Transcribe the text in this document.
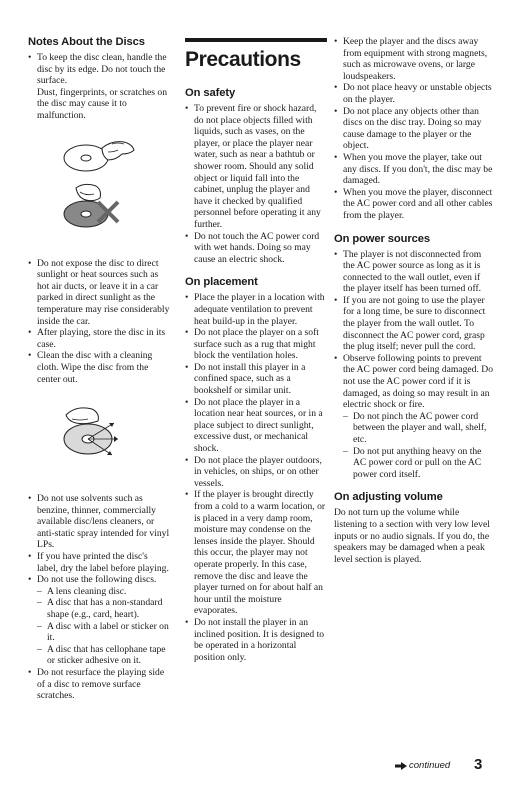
Notes About the Discs
• To keep the disc clean, handle the disc by its edge. Do not touch the surface.
Dust, fingerprints, or scratches on the disc may cause it to malfunction.
• Do not expose the disc to direct sunlight or heat sources such as hot air ducts, or leave it in a car parked in direct sunlight as the temperature may rise considerably inside the car.
• After playing, store the disc in its case.
• Clean the disc with a cleaning cloth. Wipe the disc from the center out.
• Do not use solvents such as benzine, thinner, commercially available disc/lens cleaners, or anti-static spray intended for vinyl LPs.
• If you have printed the disc's label, dry the label before playing.
• Do not use the following discs.
– A lens cleaning disc.
– A disc that has a non-standard shape (e.g., card, heart).
– A disc with a label or sticker on it.
– A disc that has cellophane tape or sticker adhesive on it.
• Do not resurface the playing side of a disc to remove surface scratches.
Precautions
On safety
• To prevent fire or shock hazard, do not place objects filled with liquids, such as vases, on the player, or place the player near water, such as near a bathtub or shower room. Should any solid object or liquid fall into the cabinet, unplug the player and have it checked by qualified personnel before operating it any further.
• Do not touch the AC power cord with wet hands. Doing so may cause an electric shock.
On placement
• Place the player in a location with adequate ventilation to prevent heat build-up in the player.
• Do not place the player on a soft surface such as a rug that might block the ventilation holes.
• Do not install this player in a confined space, such as a bookshelf or similar unit.
• Do not place the player in a location near heat sources, or in a place subject to direct sunlight, excessive dust, or mechanical shock.
• Do not place the player outdoors, in vehicles, on ships, or on other vessels.
• If the player is brought directly from a cold to a warm location, or is placed in a very damp room, moisture may condense on the lenses inside the player. Should this occur, the player may not operate properly. In this case, remove the disc and leave the player turned on for about half an hour until the moisture evaporates.
• Do not install the player in an inclined position. It is designed to be operated in a horizontal position only.
• Keep the player and the discs away from equipment with strong magnets, such as microwave ovens, or large loudspeakers.
• Do not place heavy or unstable objects on the player.
• Do not place any objects other than discs on the disc tray. Doing so may cause damage to the player or the object.
• When you move the player, take out any discs. If you don't, the disc may be damaged.
• When you move the player, disconnect the AC power cord and all other cables from the player.
On power sources
• The player is not disconnected from the AC power source as long as it is connected to the wall outlet, even if the player itself has been turned off.
• If you are not going to use the player for a long time, be sure to disconnect the player from the wall outlet. To disconnect the AC power cord, grasp the plug itself; never pull the cord.
• Observe following points to prevent the AC power cord being damaged. Do not use the AC power cord if it is damaged, as doing so may result in an electric shock or fire.
– Do not pinch the AC power cord between the player and wall, shelf, etc.
– Do not put anything heavy on the AC power cord or pull on the AC power cord itself.
On adjusting volume

Do not turn up the volume while listening to a section with very low level inputs or no audio signals. If you do, the speakers may be damaged when a peak level section is played.

continued 3
